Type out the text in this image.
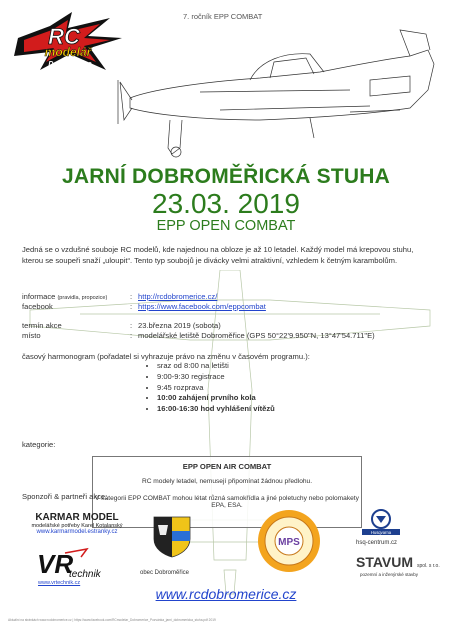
RC
modelář
Dobroměřice
7. ročník EPP COMBAT
JARNÍ DOBROMĚŘICKÁ STUHA
23.03. 2019
EPP OPEN COMBAT
Jedná se o vzdušné souboje RC modelů, kde najednou na obloze je až 10 letadel. Každý model má krepovou stuhu, kterou se soupeři snaží „uloupit“. Tento typ soubojů je divácky velmi atraktivní, vzhledem k četným karambolům.
informace (pravidla, propozice)	: http://rcdobromerice.cz/
facebook	: https://www.facebook.com/eppcombat
termín akce	: 23.března 2019 (sobota)
místo	: modelářské letiště Dobroměřice (GPS 50°22'9.950"N, 13°47'54.711"E)
časový harmonogram (pořadatel si vyhrazuje právo na změnu v časovém programu.):
• sraz od 8:00 na letišti
• 9:00-9:30 registrace
• 9:45 rozprava
• 10:00 zahájení prvního kola
• 16:00-16:30 hod vyhlášení vítězů
kategorie:
EPP OPEN AIR COMBAT
RC modely letadel, nemusejí připomínat žádnou předlohu.
V kategorii EPP COMBAT mohou létat různá samokřídla a jiné poletuchy nebo polomakety EPA, ESA.
Sponzoři & partneři akce:
KARMAR MODEL
modelářské potřeby Karel Kotalanský
www.karmarmodel.estranky.cz
VR
technik
www.vrtechnik.cz
obec Dobroměřice
MPS
Husqvarna
hsq-centrum.cz
STAVUM spol. s r.o.
pozemní a inženýrské stavby
www.rcdobromerice.cz
Aktuální na stránkách www.rcdobromerice.cz | https://www.facebook.com/RCmodelar_Dobromerice_Pozvánka_jarni_dobromericka_stuha.pdf 2019
